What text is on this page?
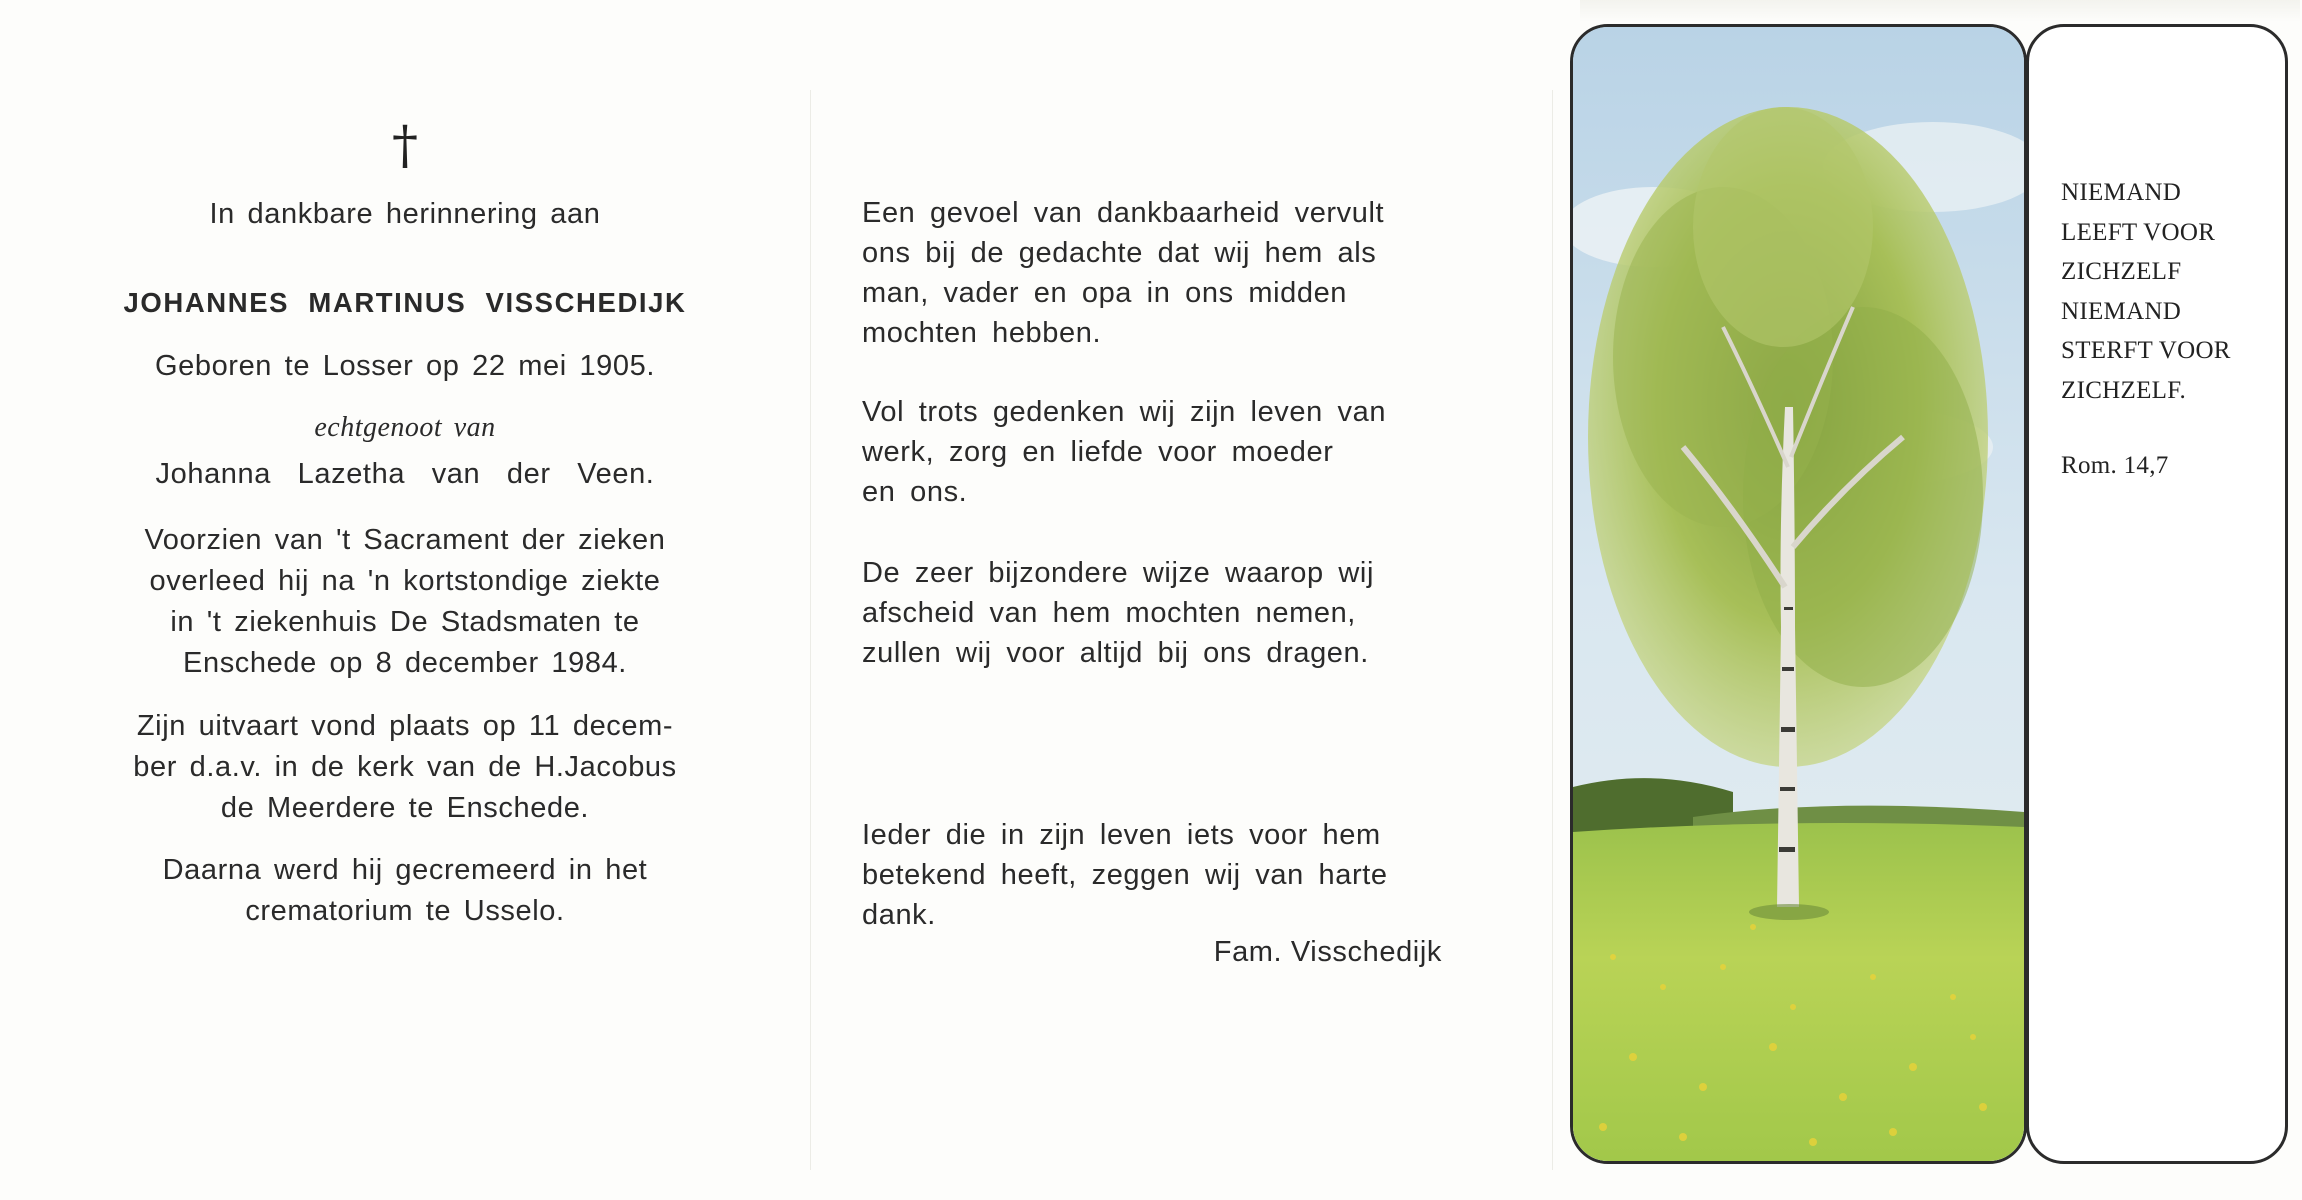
†
In dankbare herinnering aan
JOHANNES MARTINUS VISSCHEDIJK
Geboren te Losser op 22 mei 1905.
echtgenoot van
Johanna Lazetha van der Veen.
Voorzien van 't Sacrament der zieken
overleed hij na 'n kortstondige ziekte
in 't ziekenhuis De Stadsmaten te
Enschede op 8 december 1984.
Zijn uitvaart vond plaats op 11 decem-
ber d.a.v. in de kerk van de H.Jacobus
de Meerdere te Enschede.
Daarna werd hij gecremeerd in het
crematorium te Usselo.
Een gevoel van dankbaarheid vervult
ons bij de gedachte dat wij hem als
man, vader en opa in ons midden
mochten hebben.
Vol trots gedenken wij zijn leven van
werk, zorg en liefde voor moeder
en ons.
De zeer bijzondere wijze waarop wij
afscheid van hem mochten nemen,
zullen wij voor altijd bij ons dragen.
Ieder die in zijn leven iets voor hem
betekend heeft, zeggen wij van harte
dank.
Fam. Visschedijk
NIEMAND
LEEFT VOOR
ZICHZELF
NIEMAND
STERFT VOOR
ZICHZELF.
Rom. 14,7
